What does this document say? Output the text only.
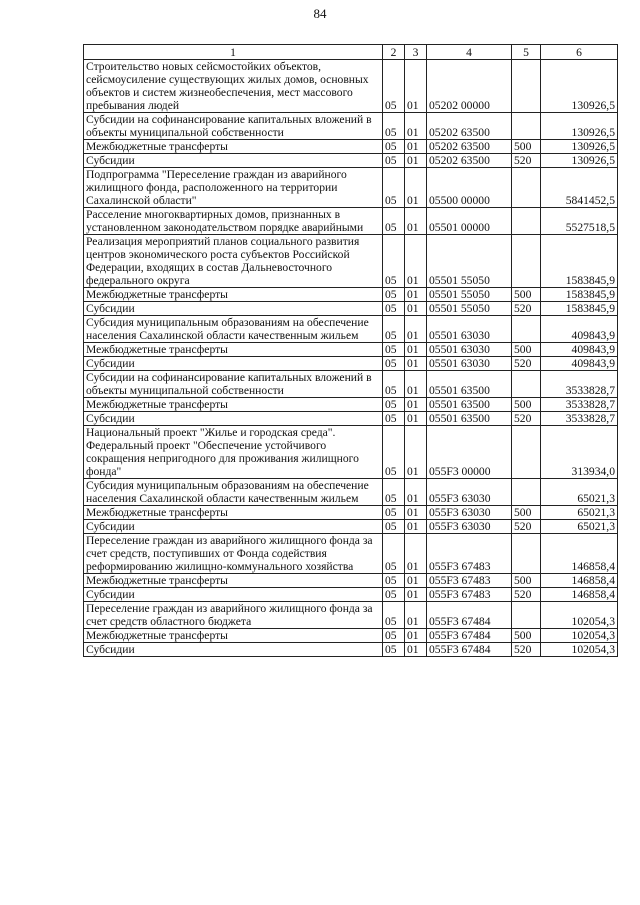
84
1	2	3	4	5	6
Строительство новых сейсмостойких объектов, сейсмоусиление существующих жилых домов, основных объектов и систем жизнеобеспечения, мест массового пребывания людей	05	01	05202 00000		130926,5
Субсидии на софинансирование капитальных вложений в объекты муниципальной собственности	05	01	05202 63500		130926,5
Межбюджетные трансферты	05	01	05202 63500	500	130926,5
Субсидии	05	01	05202 63500	520	130926,5
Подпрограмма "Переселение граждан из аварийного жилищного фонда, расположенного на территории Сахалинской области"	05	01	05500 00000		5841452,5
Расселение многоквартирных домов, признанных в установленном законодательством порядке аварийными	05	01	05501 00000		5527518,5
Реализация мероприятий планов социального развития центров экономического роста субъектов Российской Федерации, входящих в состав Дальневосточного федерального округа	05	01	05501 55050		1583845,9
Межбюджетные трансферты	05	01	05501 55050	500	1583845,9
Субсидии	05	01	05501 55050	520	1583845,9
Субсидия муниципальным образованиям на обеспечение населения Сахалинской области качественным жильем	05	01	05501 63030		409843,9
Межбюджетные трансферты	05	01	05501 63030	500	409843,9
Субсидии	05	01	05501 63030	520	409843,9
Субсидии на софинансирование капитальных вложений в объекты муниципальной собственности	05	01	05501 63500		3533828,7
Межбюджетные трансферты	05	01	05501 63500	500	3533828,7
Субсидии	05	01	05501 63500	520	3533828,7
Национальный проект "Жилье и городская среда". Федеральный проект "Обеспечение устойчивого сокращения непригодного для проживания жилищного фонда"	05	01	055F3 00000		313934,0
Субсидия муниципальным образованиям на обеспечение населения Сахалинской области качественным жильем	05	01	055F3 63030		65021,3
Межбюджетные трансферты	05	01	055F3 63030	500	65021,3
Субсидии	05	01	055F3 63030	520	65021,3
Переселение граждан из аварийного жилищного фонда за счет средств, поступивших от Фонда содействия реформированию жилищно-коммунального хозяйства	05	01	055F3 67483		146858,4
Межбюджетные трансферты	05	01	055F3 67483	500	146858,4
Субсидии	05	01	055F3 67483	520	146858,4
Переселение граждан из аварийного жилищного фонда за счет средств областного бюджета	05	01	055F3 67484		102054,3
Межбюджетные трансферты	05	01	055F3 67484	500	102054,3
Субсидии	05	01	055F3 67484	520	102054,3
